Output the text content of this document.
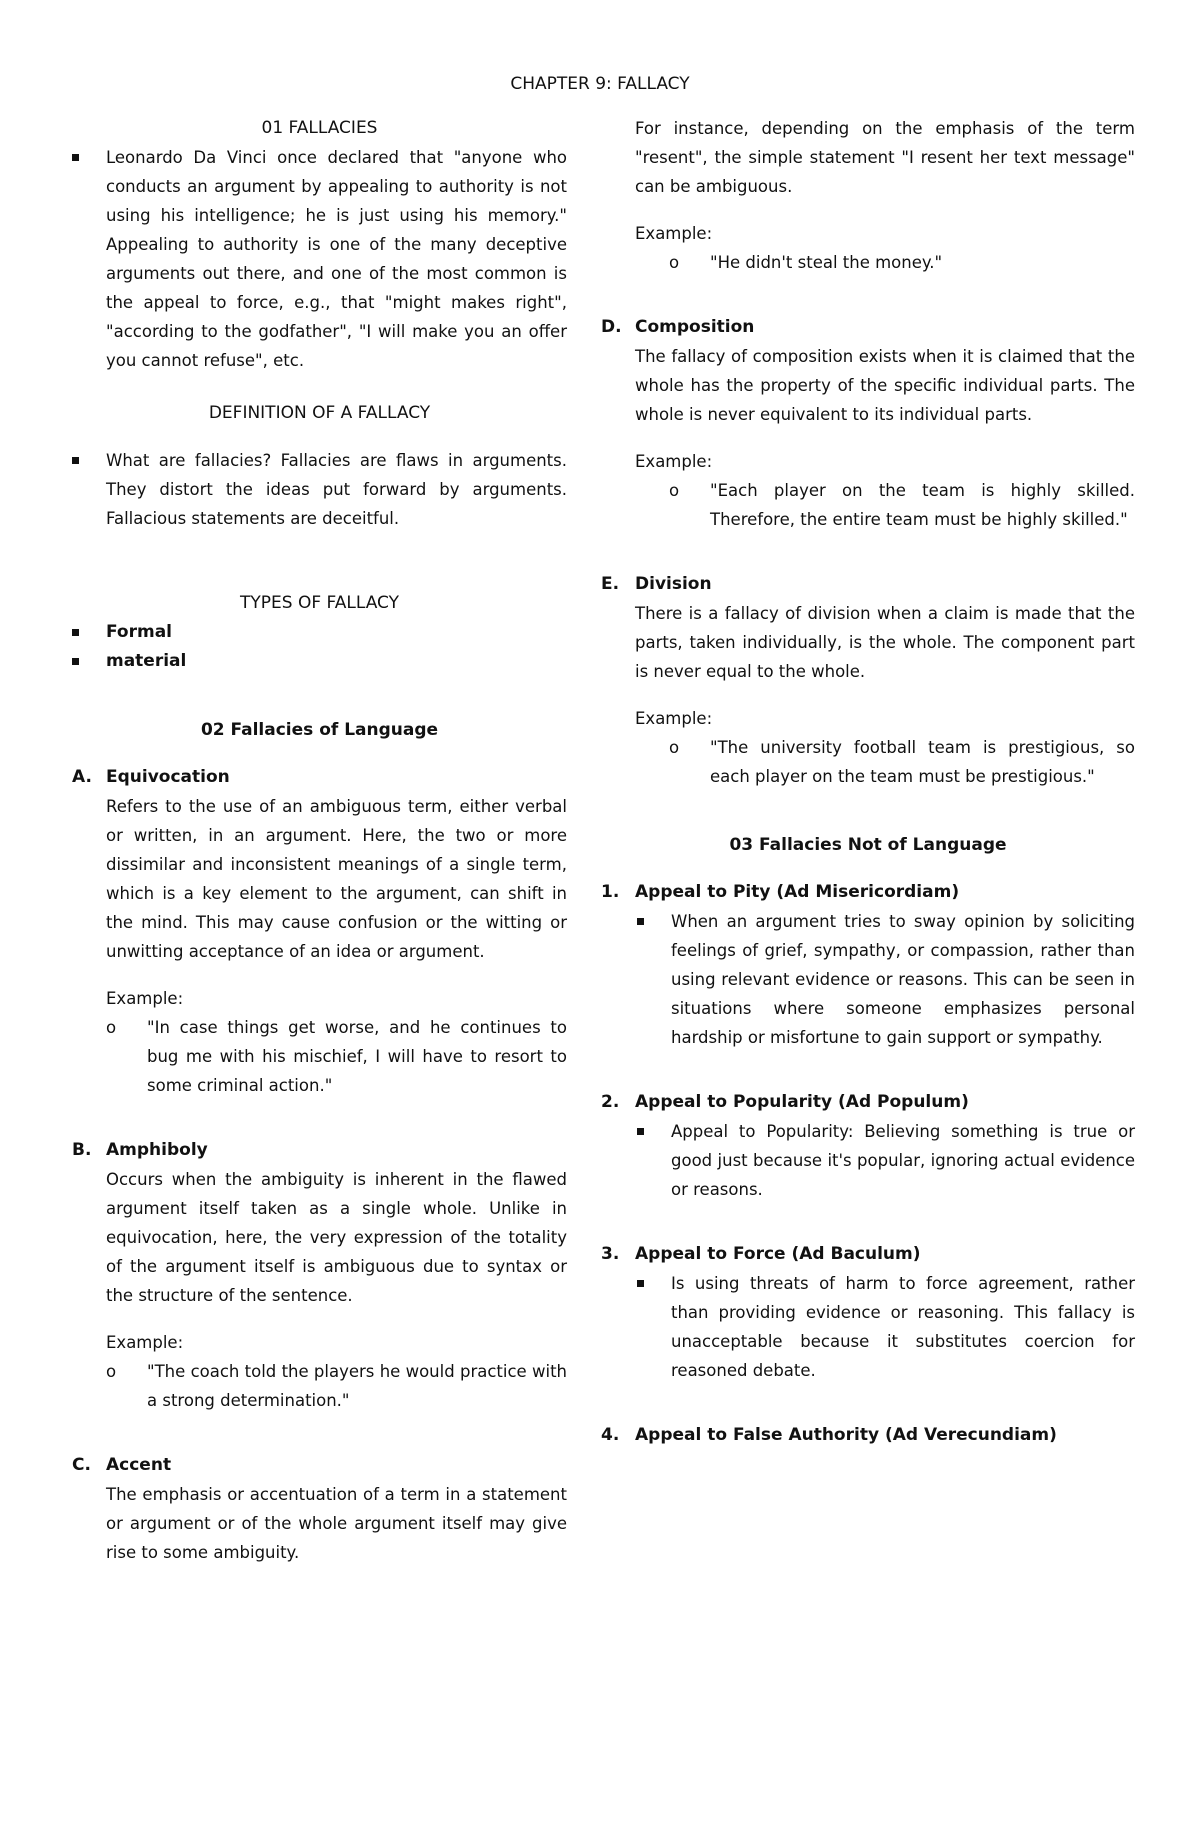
CHAPTER 9: FALLACY

01 FALLACIES

Leonardo Da Vinci once declared that "anyone who conducts an argument by appealing to authority is not using his intelligence; he is just using his memory." Appealing to authority is one of the many deceptive arguments out there, and one of the most common is the appeal to force, e.g., that "might makes right", "according to the godfather", "I will make you an offer you cannot refuse", etc.

DEFINITION OF A FALLACY

What are fallacies? Fallacies are flaws in arguments. They distort the ideas put forward by arguments. Fallacious statements are deceitful.

TYPES OF FALLACY

Formal
material

02 Fallacies of Language

A. Equivocation

Refers to the use of an ambiguous term, either verbal or written, in an argument. Here, the two or more dissimilar and inconsistent meanings of a single term, which is a key element to the argument, can shift in the mind. This may cause confusion or the witting or unwitting acceptance of an idea or argument.

Example:

o "In case things get worse, and he continues to bug me with his mischief, I will have to resort to some criminal action."

B. Amphiboly

Occurs when the ambiguity is inherent in the flawed argument itself taken as a single whole. Unlike in equivocation, here, the very expression of the totality of the argument itself is ambiguous due to syntax or the structure of the sentence.

Example:

o "The coach told the players he would practice with a strong determination."

C. Accent

The emphasis or accentuation of a term in a statement or argument or of the whole argument itself may give rise to some ambiguity.

For instance, depending on the emphasis of the term "resent", the simple statement "I resent her text message" can be ambiguous.

Example:

o "He didn't steal the money."

D. Composition

The fallacy of composition exists when it is claimed that the whole has the property of the specific individual parts. The whole is never equivalent to its individual parts.

Example:

o "Each player on the team is highly skilled. Therefore, the entire team must be highly skilled."

E. Division

There is a fallacy of division when a claim is made that the parts, taken individually, is the whole. The component part is never equal to the whole.

Example:

o "The university football team is prestigious, so each player on the team must be prestigious."

03 Fallacies Not of Language

1. Appeal to Pity (Ad Misericordiam)

When an argument tries to sway opinion by soliciting feelings of grief, sympathy, or compassion, rather than using relevant evidence or reasons. This can be seen in situations where someone emphasizes personal hardship or misfortune to gain support or sympathy.

2. Appeal to Popularity (Ad Populum)

Appeal to Popularity: Believing something is true or good just because it's popular, ignoring actual evidence or reasons.

3. Appeal to Force (Ad Baculum)

Is using threats of harm to force agreement, rather than providing evidence or reasoning. This fallacy is unacceptable because it substitutes coercion for reasoned debate.

4. Appeal to False Authority (Ad Verecundiam)
